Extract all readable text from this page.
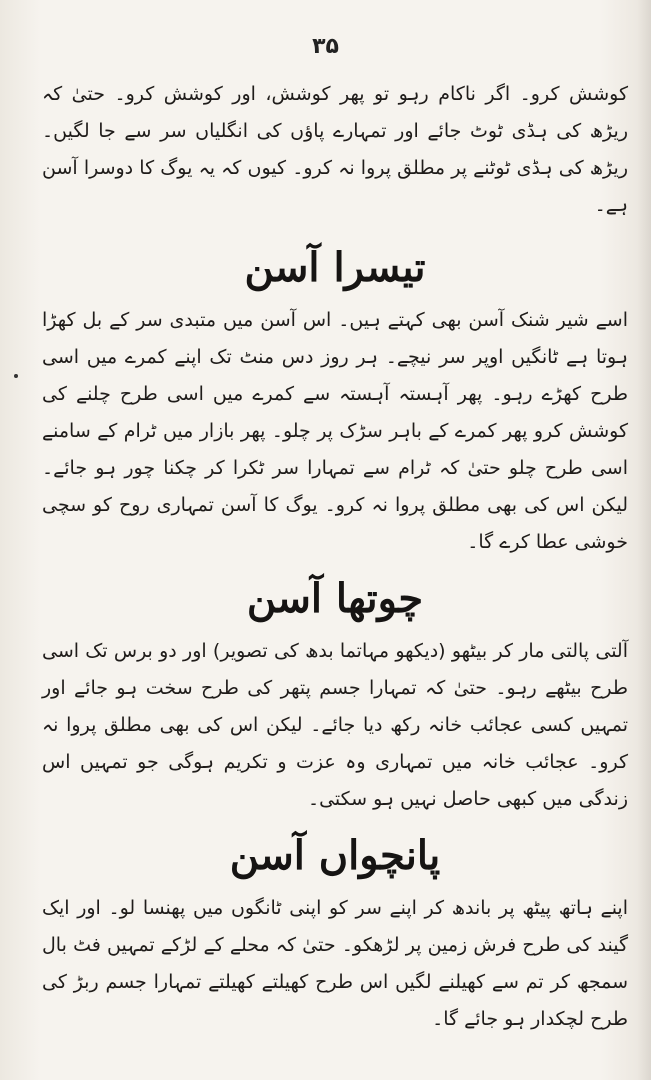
۳۵

کوشش کرو۔ اگر ناکام رہو تو پھر کوشش، اور کوشش کرو۔ حتیٰ کہ ریڑھ کی ہڈی ٹوٹ جائے اور تمہارے پاؤں کی انگلیاں سر سے جا لگیں۔ ریڑھ کی ہڈی ٹوٹنے پر مطلق پروا نہ کرو۔ کیوں کہ یہ یوگ کا دوسرا آسن ہے۔

تیسرا آسن

اسے شیر شنک آسن بھی کہتے ہیں۔ اس آسن میں متبدی سر کے بل کھڑا ہوتا ہے ٹانگیں اوپر سر نیچے۔ ہر روز دس منٹ تک اپنے کمرے میں اسی طرح کھڑے رہو۔ پھر آہستہ آہستہ سے کمرے میں اسی طرح چلنے کی کوشش کرو پھر کمرے کے باہر سڑک پر چلو۔ پھر بازار میں ٹرام کے سامنے اسی طرح چلو حتیٰ کہ ٹرام سے تمہارا سر ٹکرا کر چکنا چور ہو جائے۔ لیکن اس کی بھی مطلق پروا نہ کرو۔ یوگ کا آسن تمہاری روح کو سچی خوشی عطا کرے گا۔

چوتھا آسن

آلتی پالتی مار کر بیٹھو (دیکھو مہاتما بدھ کی تصویر) اور دو برس تک اسی طرح بیٹھے رہو۔ حتیٰ کہ تمہارا جسم پتھر کی طرح سخت ہو جائے اور تمہیں کسی عجائب خانہ رکھ دیا جائے۔ لیکن اس کی بھی مطلق پروا نہ کرو۔ عجائب خانہ میں تمہاری وہ عزت و تکریم ہوگی جو تمہیں اس زندگی میں کبھی حاصل نہیں ہو سکتی۔

پانچواں آسن

اپنے ہاتھ پیٹھ پر باندھ کر اپنے سر کو اپنی ٹانگوں میں پھنسا لو۔ اور ایک گیند کی طرح فرش زمین پر لڑھکو۔ حتیٰ کہ محلے کے لڑکے تمہیں فٹ بال سمجھ کر تم سے کھیلنے لگیں اس طرح کھیلتے کھیلتے تمہارا جسم ربڑ کی طرح لچکدار ہو جائے گا۔
